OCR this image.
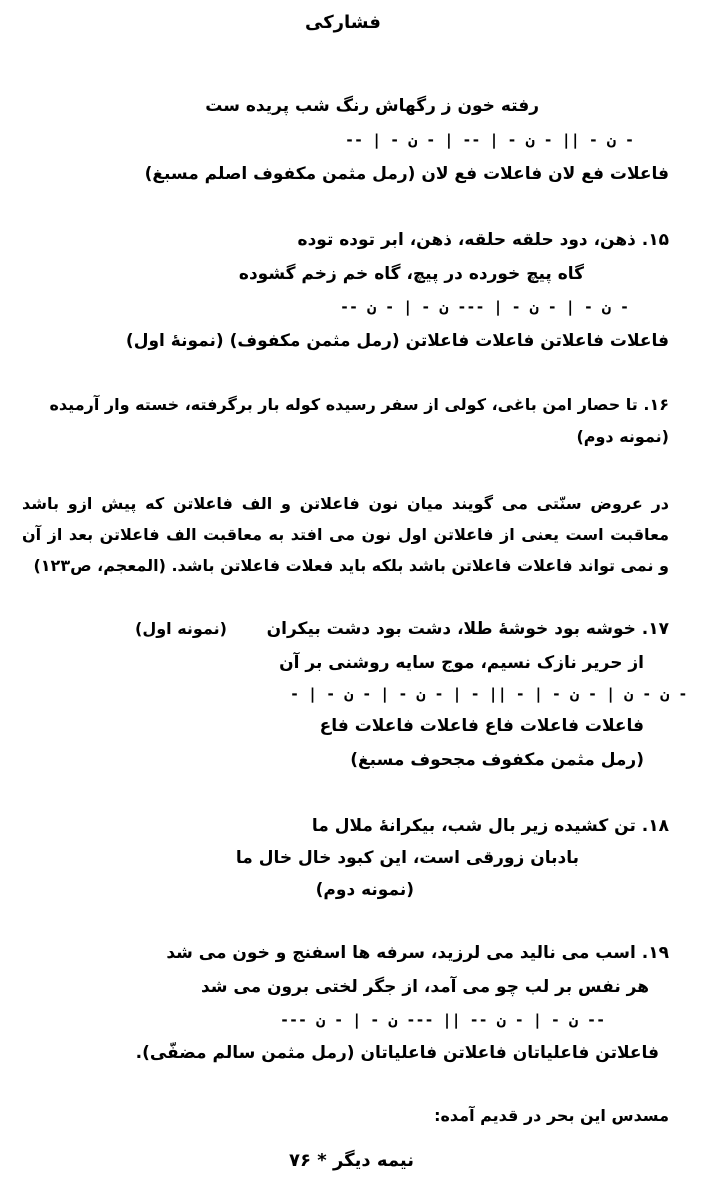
فشارکی
رفته خون ز رگهاش رنگ شب پریده ست
-- | - ن - || - ن - | -- | - ن -
فاعلات فع لان فاعلات فع لان (رمل مثمن مکفوف اصلم مسبغ)
۱۵. ذهن، دود حلقه حلقه، ذهن، ابر توده توده
گاه پیچ خورده در پیچ، گاه خم زخم گشوده
-- ن - | - ن - | --- ن - | - ن -
فاعلات فاعلاتن فاعلات فاعلاتن (رمل مثمن مکفوف) (نمونهٔ اول)
۱۶. تا حصار امن باغی، کولی از سفر رسیده کوله بار برگرفته، خسته وار آرمیده
(نمونه دوم)
در عروض سنّتی می گویند میان نون فاعلاتن و الف فاعلاتن که پیش ازو باشد معاقبت است یعنی از فاعلاتن اول نون می افتد به معاقبت الف فاعلاتن بعد از آن و نمی تواند فاعلات فاعلاتن باشد بلکه باید فعلات فاعلاتن باشد. (المعجم، ص۱۲۳)
۱۷. خوشه بود خوشهٔ طلا، دشت بود دشت بیکران
(نمونه اول)
از حریر نازک نسیم، موج سایه روشنی بر آن
- | - ن - ن | - ن - | - || - | - ن - | - ن -
فاعلات فاعلات فاع فاعلات فاعلات فاع
(رمل مثمن مکفوف مجحوف مسبغ)
۱۸. تن کشیده زیر بال شب، بیکرانهٔ ملال ما
بادبان زورقی است، این کبود خال خال ما
(نمونه دوم)
۱۹. اسب می نالید می لرزید، سرفه ها اسفنج و خون می شد
هر نفس بر لب چو می آمد، از جگر لختی برون می شد
--- ن - | - ن -- || --- ن - | - ن --
فاعلاتن فاعلیاتان فاعلاتن فاعلیاتان (رمل مثمن سالم مضفّی).
مسدس این بحر در قدیم آمده:
نیمه دیگر * ۷۶
